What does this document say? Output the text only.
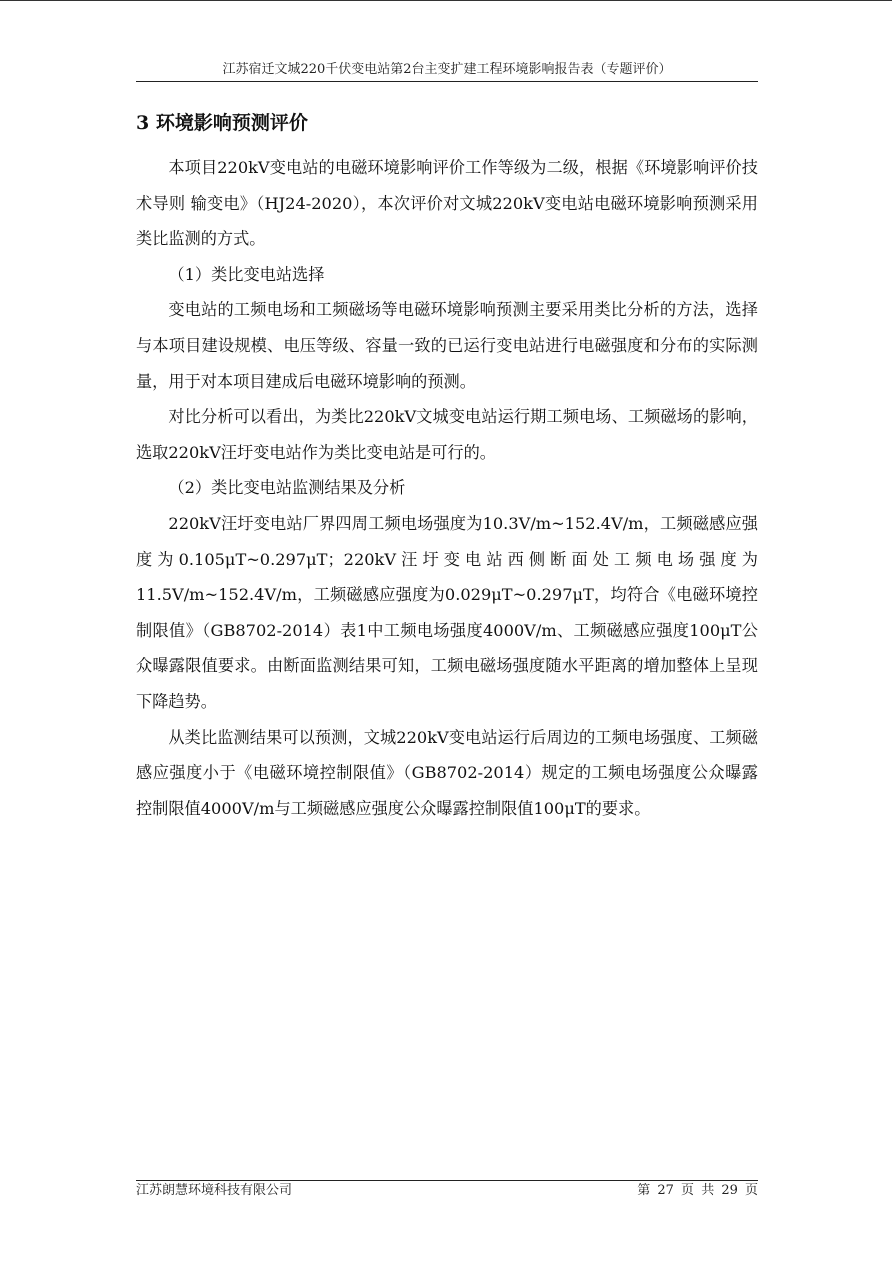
江苏宿迁文城220千伏变电站第2台主变扩建工程环境影响报告表（专题评价）
3 环境影响预测评价

本项目220kV变电站的电磁环境影响评价工作等级为二级，根据《环境影响评价技术导则 输变电》（HJ24-2020），本次评价对文城220kV变电站电磁环境影响预测采用类比监测的方式。

（1）类比变电站选择

变电站的工频电场和工频磁场等电磁环境影响预测主要采用类比分析的方法，选择与本项目建设规模、电压等级、容量一致的已运行变电站进行电磁强度和分布的实际测量，用于对本项目建成后电磁环境影响的预测。

对比分析可以看出，为类比220kV文城变电站运行期工频电场、工频磁场的影响，选取220kV汪圩变电站作为类比变电站是可行的。

（2）类比变电站监测结果及分析

220kV汪圩变电站厂界四周工频电场强度为10.3V/m~152.4V/m，工频磁感应强度为0.105μT~0.297μT；220kV汪圩变电站西侧断面处工频电场强度为11.5V/m~152.4V/m，工频磁感应强度为0.029μT~0.297μT，均符合《电磁环境控制限值》（GB8702-2014）表1中工频电场强度4000V/m、工频磁感应强度100μT公众曝露限值要求。由断面监测结果可知，工频电磁场强度随水平距离的增加整体上呈现下降趋势。

从类比监测结果可以预测，文城220kV变电站运行后周边的工频电场强度、工频磁感应强度小于《电磁环境控制限值》（GB8702-2014）规定的工频电场强度公众曝露控制限值4000V/m与工频磁感应强度公众曝露控制限值100μT的要求。

江苏朗慧环境科技有限公司	第 27 页 共 29 页
